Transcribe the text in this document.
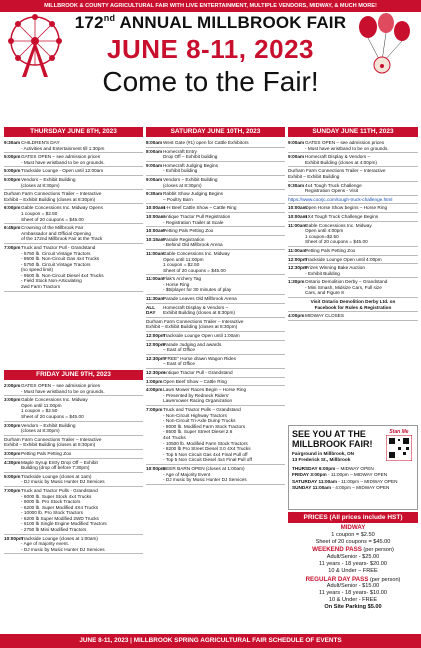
MILLBROOK & COUNTY AGRICULTURAL FAIR WITH LIVE ENTERTAINMENT, MULTIPLE VENDORS, MIDWAY, & MUCH MORE!
172nd ANNUAL MILLBROOK FAIR
JUNE 8-11, 2023
Come to the Fair!
THURSDAY JUNE 8TH, 2023
9:30am CHILDREN'S DAY
- Activities and Entertainment till 1:30pm
5:00pm GATES OPEN – see admission prices
- Must have wristband to be on grounds.
5:00pm Trackside Lounge - Open until 12:00am
5:00pm Vendors – Exhibit Building
(closes at 8:30pm)
Durham Farm Connections Trailer – Interactive
Exhibit – Exhibit Building (closes at 8:30pm)
6:00pm Gable Concessions Inc. Midway Opens
1 coupon = $2.50
Sheet of 20 coupons = $45.00
6:45pm Crowning of the Millbrook Fair
Ambassador and Official Opening
of the 172nd Millbrook Fair at the Track
7:00pm Truck and Tractor Pull - Grandstand
- 5750 lb. Circuit Vintage Tractors
- 8500 lb. Non-Circuit Gas 4x4 Trucks
- 5750 lb. Circuit Vintage Tractors
(no speed limit)
- 9500 lb. Non-Circuit Diesel 4x4 Trucks
- Field Stock Non-Articulating
2wd Farm Tractors
FRIDAY JUNE 9TH, 2023
2:00pm GATES OPEN – see admission prices
- Must have wristband to be on grounds.
3:00pm Gable Concessions Inc. Midway
Open until 11:00pm
1 coupon = $2.50
Sheet of 20 coupons = $45.00
3:00pm Vendors – Exhibit Building
(closes at 8:30pm)
Durham Farm Connections Trailer – Interactive
Exhibit – Exhibit Building (closes at 8:30pm)
3:00pm Petting Pals Petting Zoo
4:30pm Maple Syrup Entry Drop Off – Exhibit
Building (drop off before 7:30pm)
5:00pm Trackside Lounge (closes at 1am)
- DJ music by Music Hunter DJ Services
7:00pm Truck and Tractor Pulls - Grandstand
- 6000 lb. Super Stock 4x4 Trucks
- 9000 lb. Pro Stock Tractors
- 6200 lb. Super Modified 4X4 Trucks
- 10000 lb. Pro Stock Tractors
- 6200 lb Super Modified 2WD Trucks
- 6100 lb Single Engine Modified Tractors
- 2750 lb Mini Modified Tractors
10:00pm
Trackside Lounge (closes at 1:00am)
- Age of majority event.
- DJ music by Music Hunter DJ Services
SATURDAY JUNE 10TH, 2023
8:00am West Gate (#1) open for Cattle Exhibitors
8:00am Homecraft Entry
Drop Off – Exhibit building
9:00am Homecraft Judging Begins
- Exhibit building
9:00am Vendors – Exhibit Building
(closes at 8:30pm)
9:30am Rabbit Show Judging Begins
– Poultry Barn
10:00am
4-H Beef Cattle Show – Cattle Ring
10:00am
Antique Tractor Pull Registration
- Registration Trailer at Scale
10:00am
Petting Pals Petting Zoo
10:15am
Parade Registration
- Behind Old Millbrook Arena
11:00am
Gable Concessions Inc. Midway
Open until 11:00pm
1 coupon = $2.50
Sheet of 20 coupons = $45.00
11:00am
Flak's Archery Tag
- Horse Ring
- $5/player for 30 minutes of play
11:30am
Parade Leaves Old Millbrook Arena
ALL DAY
Homecraft Display & Vendors –
Exhibit Building (closes at 8:30pm)
Durham Farm Connections Trailer – Interactive
Exhibit – Exhibit Building (closes at 8:30pm)
12:00pm
Trackside Lounge Open until 1:00am
12:00pm
Parade Judging and awards
– East of Office
12:30pm
"FREE" Horse drawn Wagon Rides
– East of Office
12:30pm
Antique Tractor Pull - Grandstand
1:00pm Open Beef Show – Cattle Ring
4:00pm Lawn Mower Races Begin – Horse Ring
- Presented by Redneck Riders'
Lawnmower Racing Organization
7:00pm Truck and Tractor Pulls – Grandstand
- Non-Circuit Highway Tractors
- Non-Circuit Tri-Axle Dump Trucks
- 8000 lb. Modified Farm Stock Tractors
- 8500 lb. Super Street Diesel 2.6
4x4 Trucks
- 10500 lb. Modified Farm Stock Tractors
- 8200 lb Pro Street Diesel 3.0 4X4 Trucks
- Top 5 Non Circuit Gas 4x4 Final Pull off
- Top 5 Non Circuit Diesel 4x4 Final Pull off
10:00pm
BEER BARN OPEN (closes at 1:00am)
- Age of Majority Event
- DJ music by Music Hunter DJ Services
SUNDAY JUNE 11TH, 2023
9:00am GATES OPEN – see admission prices
- Must have wristband to be on grounds.
9:00am Homecraft Display & Vendors –
Exhibit Building (closes at 4:00pm)
Durham Farm Connections Trailer – Interactive
Exhibit – Exhibit Building
9:30am 4x4 Tough Truck Challenge
Registration Opens - Visit
https://www.coorjc.com/tough-truck-challenge.html
10:00am
Open Horse Show begins – Horse Ring
10:00am
4X4 Tough Truck Challenge Begins
11:00am
Gable Concessions Inc. Midway
Open until 4:00pm
1 coupon=$2.50
Sheet of 20 coupons = $45.00
11:00am
Petting Pals Petting Zoo
12:00pm
Trackside Lounge Open until 4:00pm
12:30pm
Prizes Winning Bake Auction
- Exhibit Building
1:30pm Ontario Demolition Derby – Grandstand
- Mini Smash, Midsize Cars, Full size
Cars, and Figure 8
Visit Ontario Demolition Derby Ltd. on
Facebook for Rules & Registration
4:00pm MIDWAY CLOSES
SEE YOU AT THE
MILLBROOK FAIR!
Fairground in Millbrook, ON
13 Frederick St., Millbrook
Stan Me
THURSDAY 6:00pm – MIDWAY OPEN
FRIDAY 3:00pm - 11:00pm – MIDWAY OPEN
SATURDAY 11:00am - 11:00pm – MIDWAY OPEN
SUNDAY 11:00am - 4:00pm – MIDWAY OPEN
PRICES (All prices include HST)
MIDWAY
1 coupon = $2.50
Sheet of 20 coupons = $45.00
WEEKEND PASS (per person)
Adult/Senior - $25.00
11 years - 18 years- $20.00
10 & Under – FREE
REGULAR DAY PASS (per person)
Adult/Senior - $15.00
11 years - 18 years- $10.00
10 & Under - FREE
On Site Parking $5.00
JUNE 8-11, 2023 | MILLBROOK SPRING AGRICULTURAL FAIR SCHEDULE OF EVENTS
